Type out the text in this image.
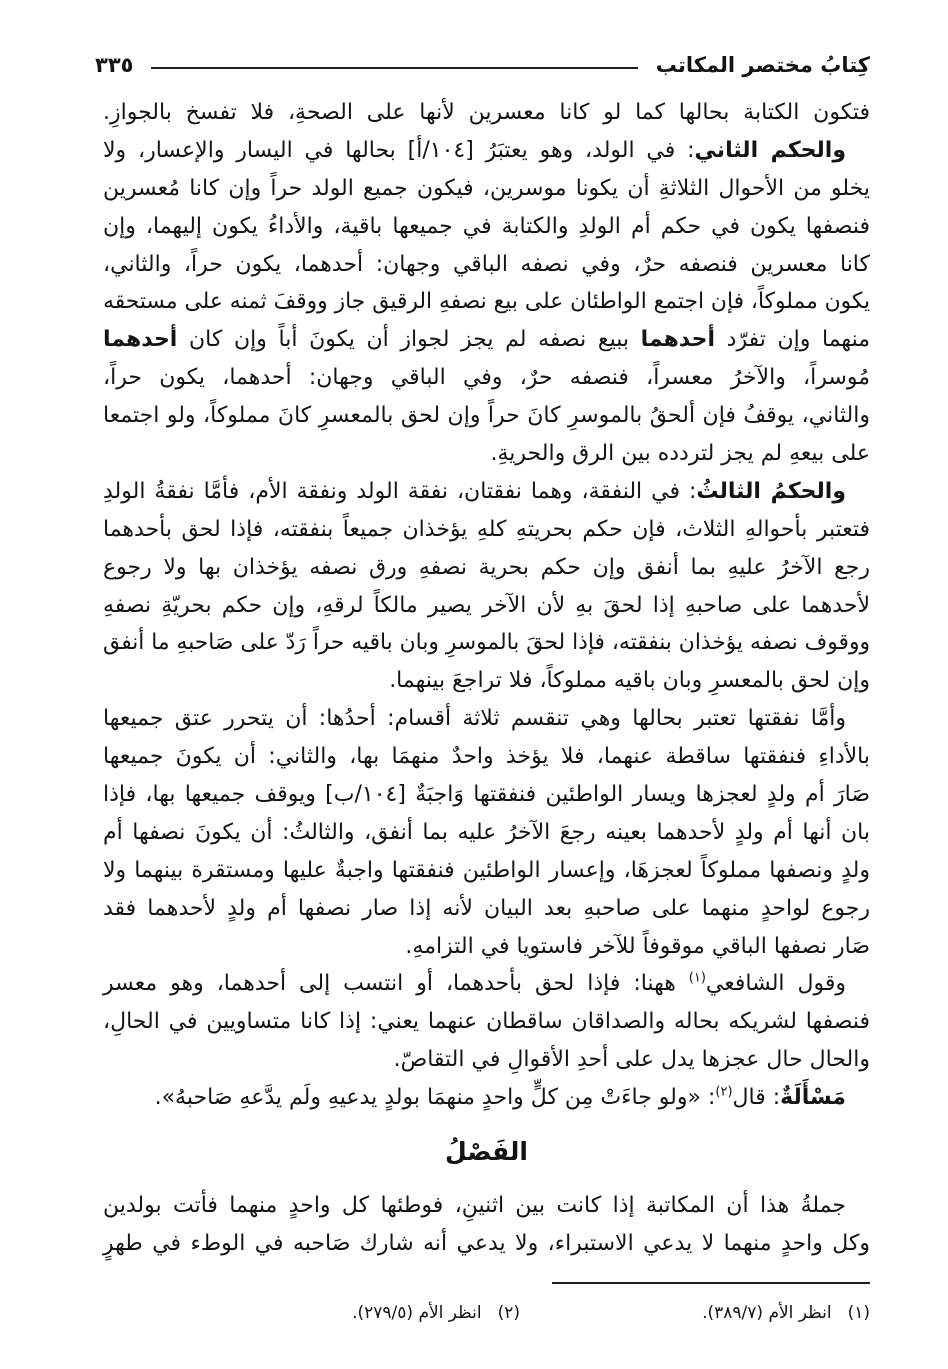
كِتابُ مختصر المكاتب
٣٣٥
فتكون الكتابة بحالها كما لو كانا معسرين لأنها على الصحةِ، فلا تفسخ بالجوازِ.
والحكم الثاني: في الولد، وهو يعتبَرُ [١٠٤/أ] بحالها في اليسار والإعسار، ولا
يخلو من الأحوال الثلاثةِ أن يكونا موسرين، فيكون جميع الولد حراً وإن كانا مُعسرين
فنصفها يكون في حكم أم الولدِ والكتابة في جميعها باقية، والأداءُ يكون إليهما، وإن
كانا معسرين فنصفه حرٌ، وفي نصفه الباقي وجهان: أحدهما، يكون حراً، والثاني،
يكون مملوكاً، فإن اجتمع الواطئان على بيع نصفهِ الرقيق جاز ووقفَ ثمنه على مستحقه
منهما وإن تفرّد أحدهما ببيع نصفه لم يجز لجواز أن يكونَ أباً وإن كان أحدهما
مُوسراً، والآخرُ معسراً، فنصفه حرٌ، وفي الباقي وجهان: أحدهما، يكون حراً،
والثاني، يوقفُ فإن ألحقُ بالموسرِ كانَ حراً وإن لحق بالمعسرِ كانَ مملوكاً، ولو اجتمعا
على بيعهِ لم يجز لتردده بين الرق والحريةِ.
والحكمُ الثالثُ: في النفقة، وهما نفقتان، نفقة الولد ونفقة الأم، فأمَّا نفقةُ الولدِ
فتعتبر بأحوالهِ الثلاث، فإن حكم بحريتهِ كلهِ يؤخذان جميعاً بنفقته، فإذا لحق بأحدهما
رجع الآخرُ عليهِ بما أنفق وإن حكم بحرية نصفهِ ورق نصفه يؤخذان بها ولا رجوع
لأحدهما على صاحبهِ إذا لحقَ بهِ لأن الآخر يصير مالكاً لرقهِ، وإن حكم بحريّةِ نصفهِ
ووقوف نصفه يؤخذان بنفقته، فإذا لحقَ بالموسرِ وبان باقيه حراً رَدّ على صَاحبهِ ما أنفق
وإن لحق بالمعسرِ وبان باقيه مملوكاً، فلا تراجعَ بينهما.
وأمَّا نفقتها تعتبر بحالها وهي تنقسم ثلاثة أقسام: أحدُها: أن يتحرر عتق جميعها
بالأداءِ فنفقتها ساقطة عنهما، فلا يؤخذ واحدٌ منهمَا بها، والثاني: أن يكونَ جميعها
صَارَ أم ولدٍ لعجزها ويسار الواطئين فنفقتها وَاجبَةٌ [١٠٤/ب] ويوقف جميعها بها، فإذا
بان أنها أم ولدٍ لأحدهما بعينه رجعَ الآخرُ عليه بما أنفق، والثالثُ: أن يكونَ نصفها أم
ولدٍ ونصفها مملوكاً لعجزهَا، وإعسار الواطئين فنفقتها واجبةٌ عليها ومستقرة بينهما ولا
رجوع لواحدٍ منهما على صاحبهِ بعد البيان لأنه إذا صار نصفها أم ولدٍ لأحدهما فقد
صَار نصفها الباقي موقوفاً للآخر فاستويا في التزامهِ.
وقول الشافعي$^{(١)}$ ههنا: فإذا لحق بأحدهما، أو انتسب إلى أحدهما، وهو معسر
فنصفها لشريكه بحاله والصداقان ساقطان عنهما يعني: إذا كانا متساويين في الحالِ،
والحال حال عجزها يدل على أحدِ الأقوالِ في التقاصّ.
مَسْأَلَةٌ: قال$^{(٢)}$: «ولو جاءَتْ مِن كلٍّ واحدٍ منهمَا بولدٍ يدعيهِ ولَم يدَّعهِ صَاحبهُ».
الفَصْلُ
جملةُ هذا أن المكاتبة إذا كانت بين اثنينِ، فوطئها كل واحدٍ منهما فأتت بولدين
وكل واحدٍ منهما لا يدعي الاستبراء، ولا يدعي أنه شارك صَاحبه في الوطء في طهرٍ
(١)انظر الأم (٣٨٩/٧).
(٢)انظر الأم (٢٧٩/٥).
